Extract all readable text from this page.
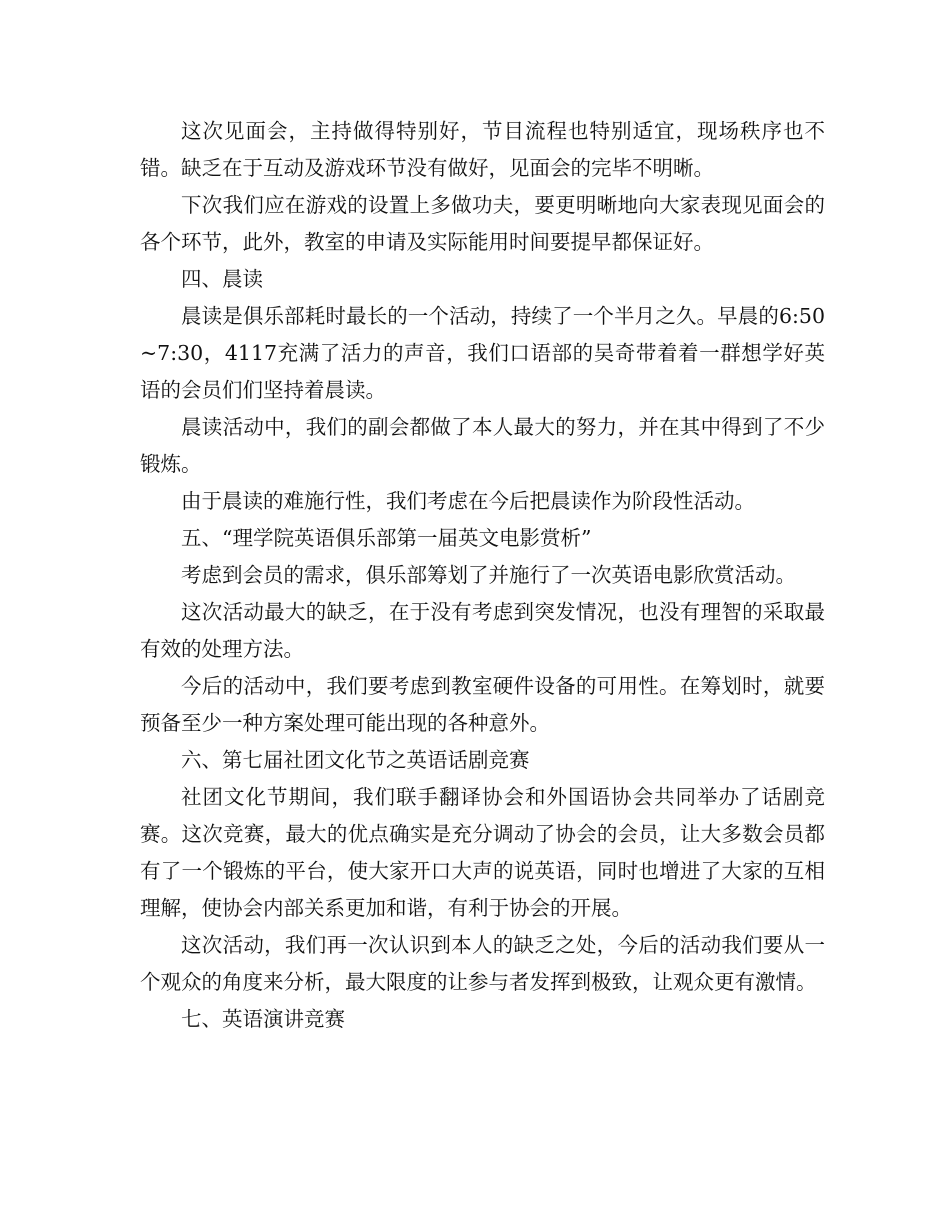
这次见面会，主持做得特别好，节目流程也特别适宜，现场秩序也不错。缺乏在于互动及游戏环节没有做好，见面会的完毕不明晰。

下次我们应在游戏的设置上多做功夫，要更明晰地向大家表现见面会的各个环节，此外，教室的申请及实际能用时间要提早都保证好。

四、晨读

晨读是俱乐部耗时最长的一个活动，持续了一个半月之久。早晨的6:50~7:30，4117充满了活力的声音，我们口语部的吴奇带着着一群想学好英语的会员们们坚持着晨读。

晨读活动中，我们的副会都做了本人最大的努力，并在其中得到了不少锻炼。

由于晨读的难施行性，我们考虑在今后把晨读作为阶段性活动。

五、“理学院英语俱乐部第一届英文电影赏析”

考虑到会员的需求，俱乐部筹划了并施行了一次英语电影欣赏活动。

这次活动最大的缺乏，在于没有考虑到突发情况，也没有理智的采取最有效的处理方法。

今后的活动中，我们要考虑到教室硬件设备的可用性。在筹划时，就要预备至少一种方案处理可能出现的各种意外。

六、第七届社团文化节之英语话剧竞赛

社团文化节期间，我们联手翻译协会和外国语协会共同举办了话剧竞赛。这次竞赛，最大的优点确实是充分调动了协会的会员，让大多数会员都有了一个锻炼的平台，使大家开口大声的说英语，同时也增进了大家的互相理解，使协会内部关系更加和谐，有利于协会的开展。

这次活动，我们再一次认识到本人的缺乏之处，今后的活动我们要从一个观众的角度来分析，最大限度的让参与者发挥到极致，让观众更有激情。

七、英语演讲竞赛
